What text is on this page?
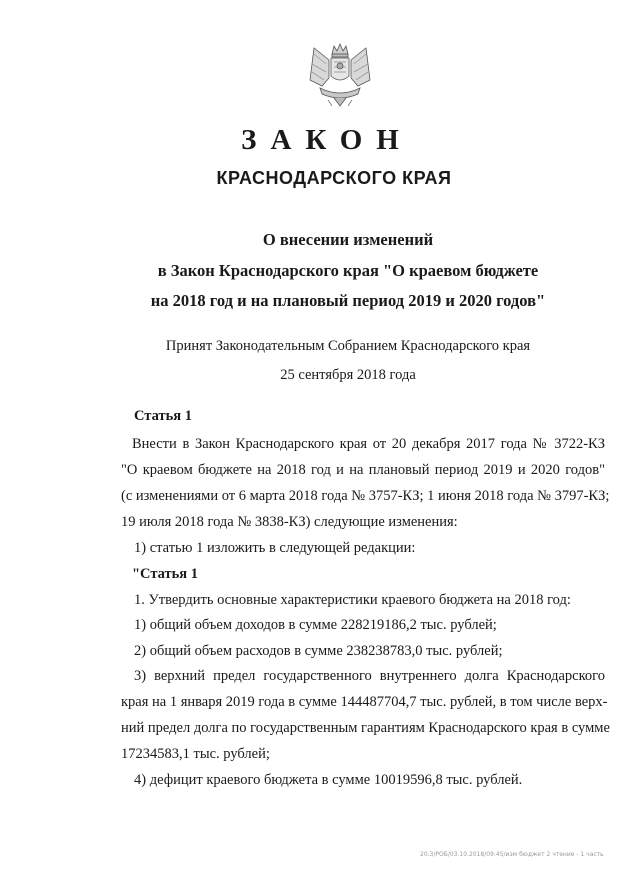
ЗАКОН
КРАСНОДАРСКОГО КРАЯ
О внесении изменений
в Закон Краснодарского края "О краевом бюджете
на 2018 год и на плановый период 2019 и 2020 годов"
Принят Законодательным Собранием Краснодарского края
25 сентября 2018 года
Статья 1
Внести в Закон Краснодарского края от 20 декабря 2017 года № 3722-КЗ
"О краевом бюджете на 2018 год и на плановый период 2019 и 2020 годов"
(с изменениями от 6 марта 2018 года № 3757-КЗ; 1 июня 2018 года № 3797-КЗ;
19 июля 2018 года № 3838-КЗ) следующие изменения:
1) статью 1 изложить в следующей редакции:
"Статья 1
1. Утвердить основные характеристики краевого бюджета на 2018 год:
1) общий объем доходов в сумме 228219186,2 тыс. рублей;
2) общий объем расходов в сумме 238238783,0 тыс. рублей;
3) верхний предел государственного внутреннего долга Краснодарского
края на 1 января 2019 года в сумме 144487704,7 тыс. рублей, в том числе верх-
ний предел долга по государственным гарантиям Краснодарского края в сумме
17234583,1 тыс. рублей;
4) дефицит краевого бюджета в сумме 10019596,8 тыс. рублей.
20.3/РОБ/03.10.2018/09:45/изм бюджет 2 чтение - 1 часть
